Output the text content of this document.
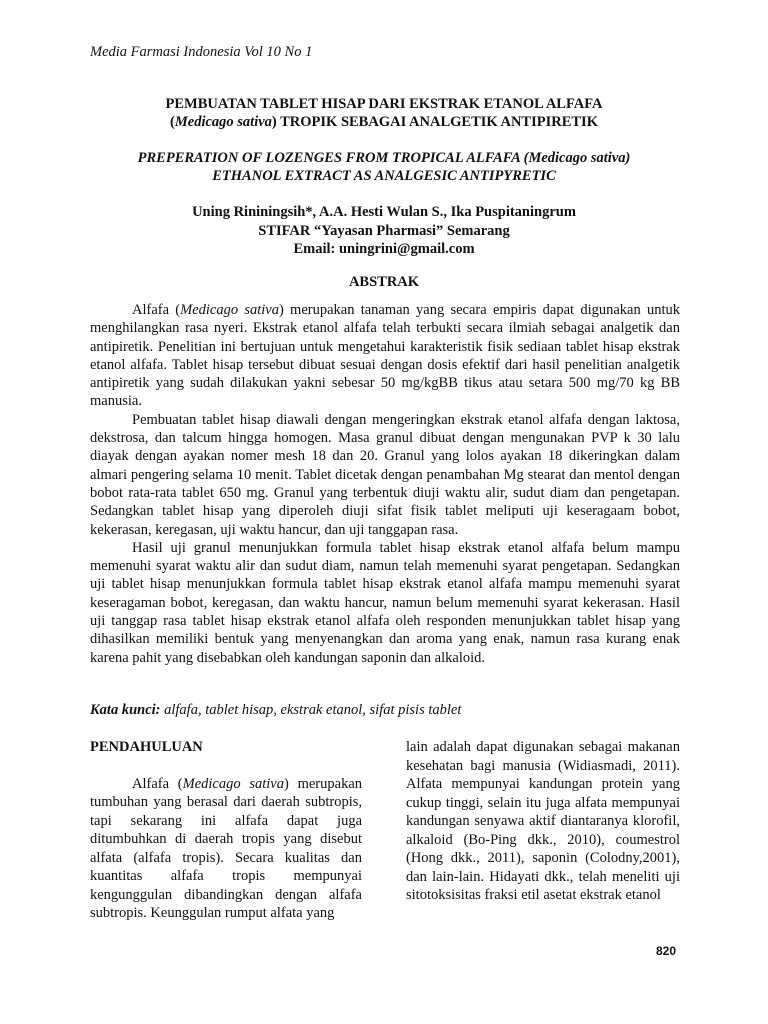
Media Farmasi Indonesia Vol 10 No 1
PEMBUATAN TABLET HISAP DARI EKSTRAK ETANOL ALFAFA
(Medicago sativa) TROPIK SEBAGAI ANALGETIK ANTIPIRETIK
PREPERATION OF LOZENGES FROM TROPICAL ALFAFA (Medicago sativa)
ETHANOL EXTRACT AS ANALGESIC ANTIPYRETIC
Uning Rininingsih*, A.A. Hesti Wulan S., Ika Puspitaningrum
STIFAR “Yayasan Pharmasi” Semarang
Email: uningrini@gmail.com
ABSTRAK

Alfafa (Medicago sativa) merupakan tanaman yang secara empiris dapat digunakan untuk menghilangkan rasa nyeri. Ekstrak etanol alfafa telah terbukti secara ilmiah sebagai analgetik dan antipiretik. Penelitian ini bertujuan untuk mengetahui karakteristik fisik sediaan tablet hisap ekstrak etanol alfafa. Tablet hisap tersebut dibuat sesuai dengan dosis efektif dari hasil penelitian analgetik antipiretik yang sudah dilakukan yakni sebesar 50 mg/kgBB tikus atau setara 500 mg/70 kg BB manusia.

Pembuatan tablet hisap diawali dengan mengeringkan ekstrak etanol alfafa dengan laktosa, dekstrosa, dan talcum hingga homogen. Masa granul dibuat dengan mengunakan PVP k 30 lalu diayak dengan ayakan nomer mesh 18 dan 20. Granul yang lolos ayakan 18 dikeringkan dalam almari pengering selama 10 menit. Tablet dicetak dengan penambahan Mg stearat dan mentol dengan bobot rata-rata tablet 650 mg. Granul yang terbentuk diuji waktu alir, sudut diam dan pengetapan. Sedangkan tablet hisap yang diperoleh diuji sifat fisik tablet meliputi uji keseragaam bobot, kekerasan, keregasan, uji waktu hancur, dan uji tanggapan rasa.

Hasil uji granul menunjukkan formula tablet hisap ekstrak etanol alfafa belum mampu memenuhi syarat waktu alir dan sudut diam, namun telah memenuhi syarat pengetapan. Sedangkan uji tablet hisap menunjukkan formula tablet hisap ekstrak etanol alfafa mampu memenuhi syarat keseragaman bobot, keregasan, dan waktu hancur, namun belum memenuhi syarat kekerasan. Hasil uji tanggap rasa tablet hisap ekstrak etanol alfafa oleh responden menunjukkan tablet hisap yang dihasilkan memiliki bentuk yang menyenangkan dan aroma yang enak, namun rasa kurang enak karena pahit yang disebabkan oleh kandungan saponin dan alkaloid.

Kata kunci: alfafa, tablet hisap, ekstrak etanol, sifat pisis tablet
PENDAHULUAN

Alfafa (Medicago sativa) merupakan tumbuhan yang berasal dari daerah subtropis, tapi sekarang ini alfafa dapat juga ditumbuhkan di daerah tropis yang disebut alfata (alfafa tropis). Secara kualitas dan kuantitas alfafa tropis mempunyai kengunggulan dibandingkan dengan alfafa subtropis. Keunggulan rumput alfata yang

lain adalah dapat digunakan sebagai makanan kesehatan bagi manusia (Widiasmadi, 2011). Alfata mempunyai kandungan protein yang cukup tinggi, selain itu juga alfata mempunyai kandungan senyawa aktif diantaranya klorofil, alkaloid (Bo-Ping dkk., 2010), coumestrol (Hong dkk., 2011), saponin (Colodny,2001), dan lain-lain. Hidayati dkk., telah meneliti uji sitotoksisitas fraksi etil asetat ekstrak etanol

820
